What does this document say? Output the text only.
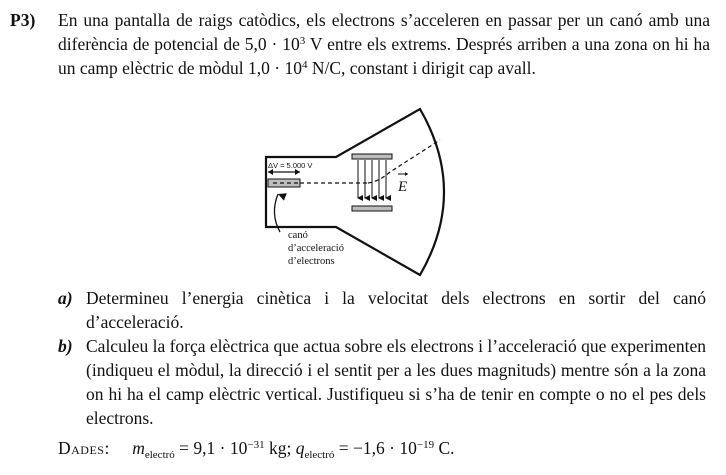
P3) En una pantalla de raigs catòdics, els electrons s’acceleren en passar per un canó amb una diferència de potencial de $5,0 \cdot 10^3$ V entre els extrems. Després arriben a una zona on hi ha un camp elèctric de mòdul $1,0 \cdot 10^4$ N/C, constant i dirigit cap avall.
ΔV = 5.000 V
E
canó
d’acceleració
d’electrons
a) Determineu l’energia cinètica i la velocitat dels electrons en sortir del canó d’acceleració.
b) Calculeu la força elèctrica que actua sobre els electrons i l’acceleració que experimenten (indiqueu el mòdul, la direcció i el sentit per a les dues magnituds) mentre són a la zona on hi ha el camp elèctric vertical. Justifiqueu si s’ha de tenir en compte o no el pes dels electrons.
Dades: $m_{electró} = 9,1 \cdot 10^{-31}$ kg; $q_{electró} = -1,6 \cdot 10^{-19}$ C.
